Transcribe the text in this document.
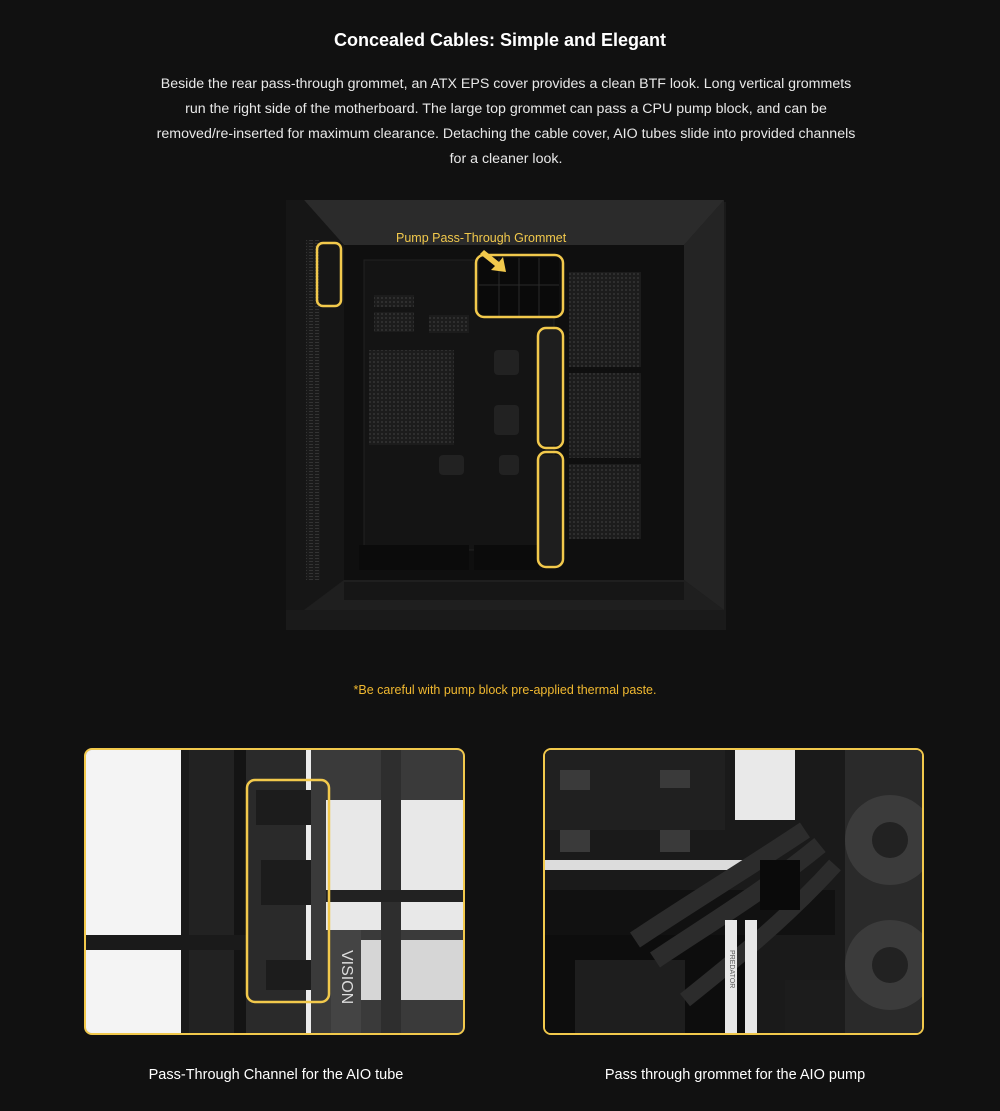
Concealed Cables: Simple and Elegant
Beside the rear pass-through grommet, an ATX EPS cover provides a clean BTF look. Long vertical grommets run the right side of the motherboard. The large top grommet can pass a CPU pump block, and can be removed/re-inserted for maximum clearance. Detaching the cable cover, AIO tubes slide into provided channels for a cleaner look.
Pump Pass-Through Grommet
*Be careful with pump block pre-applied thermal paste.
VISION	PREDATOR
Pass-Through Channel for the AIO tube	Pass through grommet for the AIO pump
